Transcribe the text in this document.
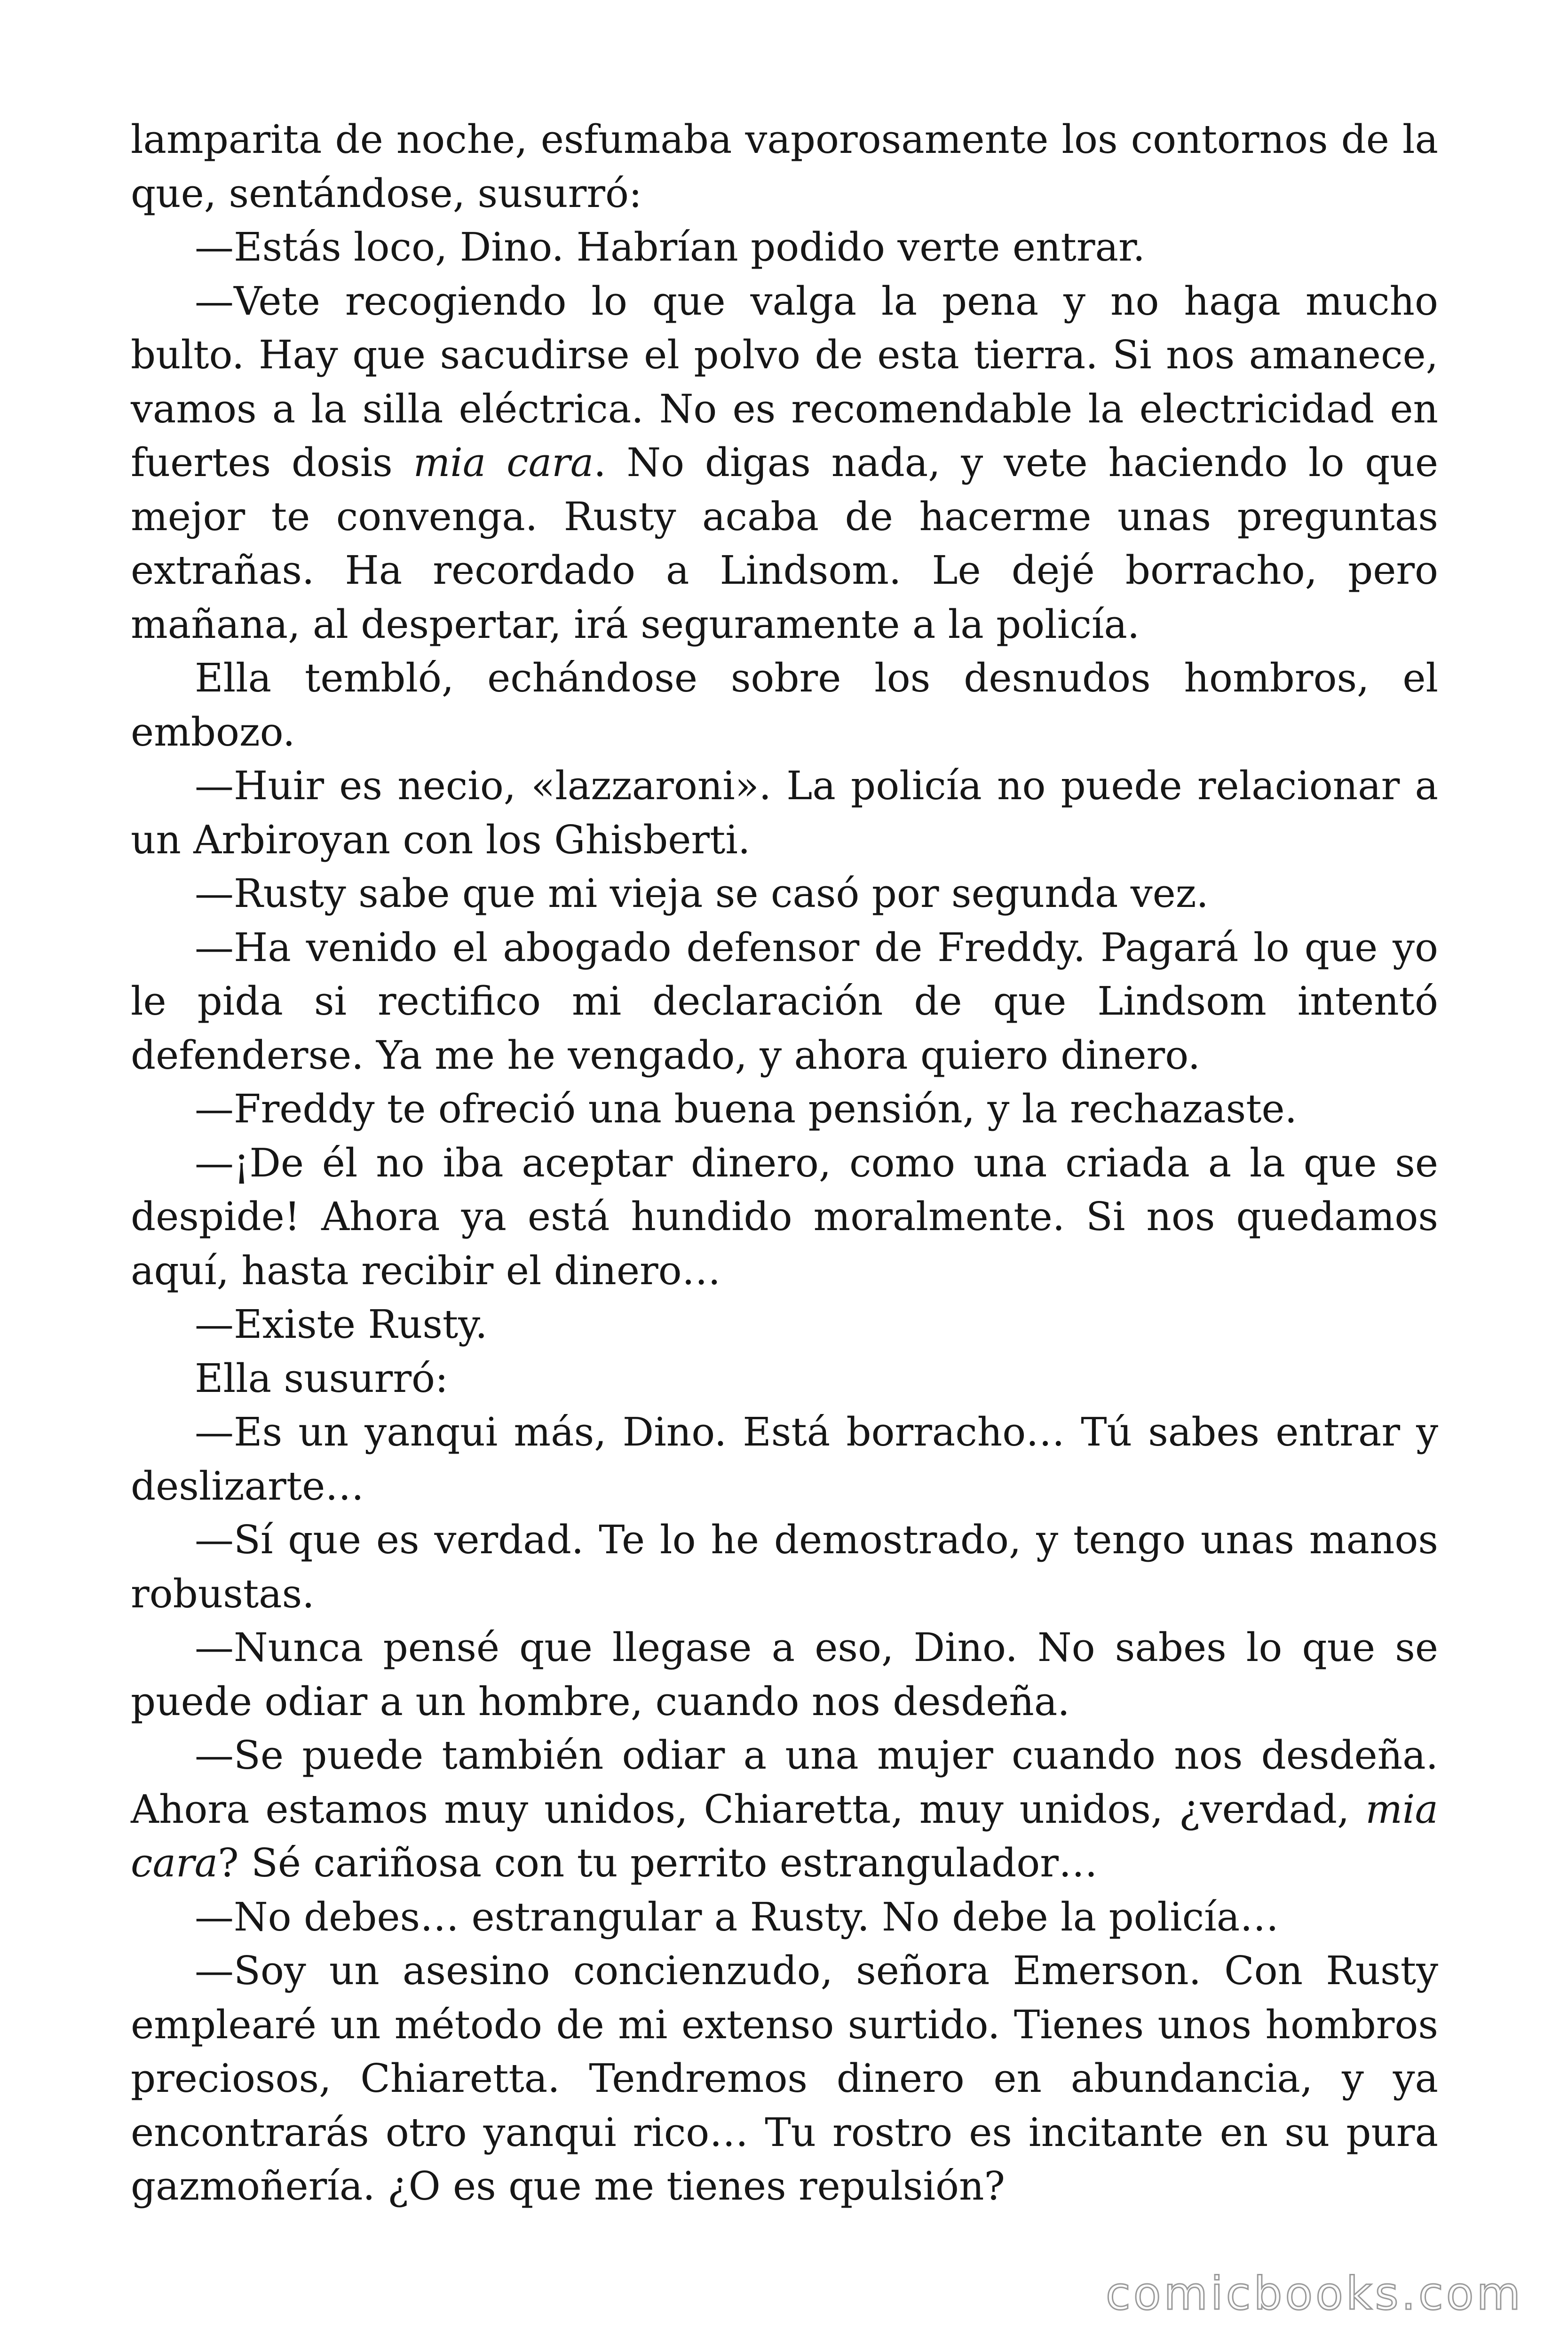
lamparita de noche, esfumaba vaporosamente los contornos de la que, sentándose, susurró:

—Estás loco, Dino. Habrían podido verte entrar.

—Vete recogiendo lo que valga la pena y no haga mucho bulto. Hay que sacudirse el polvo de esta tierra. Si nos amanece, vamos a la silla eléctrica. No es recomendable la electricidad en fuertes dosis mia cara. No digas nada, y vete haciendo lo que mejor te convenga. Rusty acaba de hacerme unas preguntas extrañas. Ha recordado a Lindsom. Le dejé borracho, pero mañana, al despertar, irá seguramente a la policía.

Ella tembló, echándose sobre los desnudos hombros, el embozo.

—Huir es necio, «lazzaroni». La policía no puede relacionar a un Arbiroyan con los Ghisberti.

—Rusty sabe que mi vieja se casó por segunda vez.

—Ha venido el abogado defensor de Freddy. Pagará lo que yo le pida si rectifico mi declaración de que Lindsom intentó defenderse. Ya me he vengado, y ahora quiero dinero.

—Freddy te ofreció una buena pensión, y la rechazaste.

—¡De él no iba aceptar dinero, como una criada a la que se despide! Ahora ya está hundido moralmente. Si nos quedamos aquí, hasta recibir el dinero…

—Existe Rusty.

Ella susurró:

—Es un yanqui más, Dino. Está borracho… Tú sabes entrar y deslizarte…

—Sí que es verdad. Te lo he demostrado, y tengo unas manos robustas.

—Nunca pensé que llegase a eso, Dino. No sabes lo que se puede odiar a un hombre, cuando nos desdeña.

—Se puede también odiar a una mujer cuando nos desdeña. Ahora estamos muy unidos, Chiaretta, muy unidos, ¿verdad, mia cara? Sé cariñosa con tu perrito estrangulador…

—No debes… estrangular a Rusty. No debe la policía…

—Soy un asesino concienzudo, señora Emerson. Con Rusty emplearé un método de mi extenso surtido. Tienes unos hombros preciosos, Chiaretta. Tendremos dinero en abundancia, y ya encontrarás otro yanqui rico… Tu rostro es incitante en su pura gazmoñería. ¿O es que me tienes repulsión?

comicbooks.com
